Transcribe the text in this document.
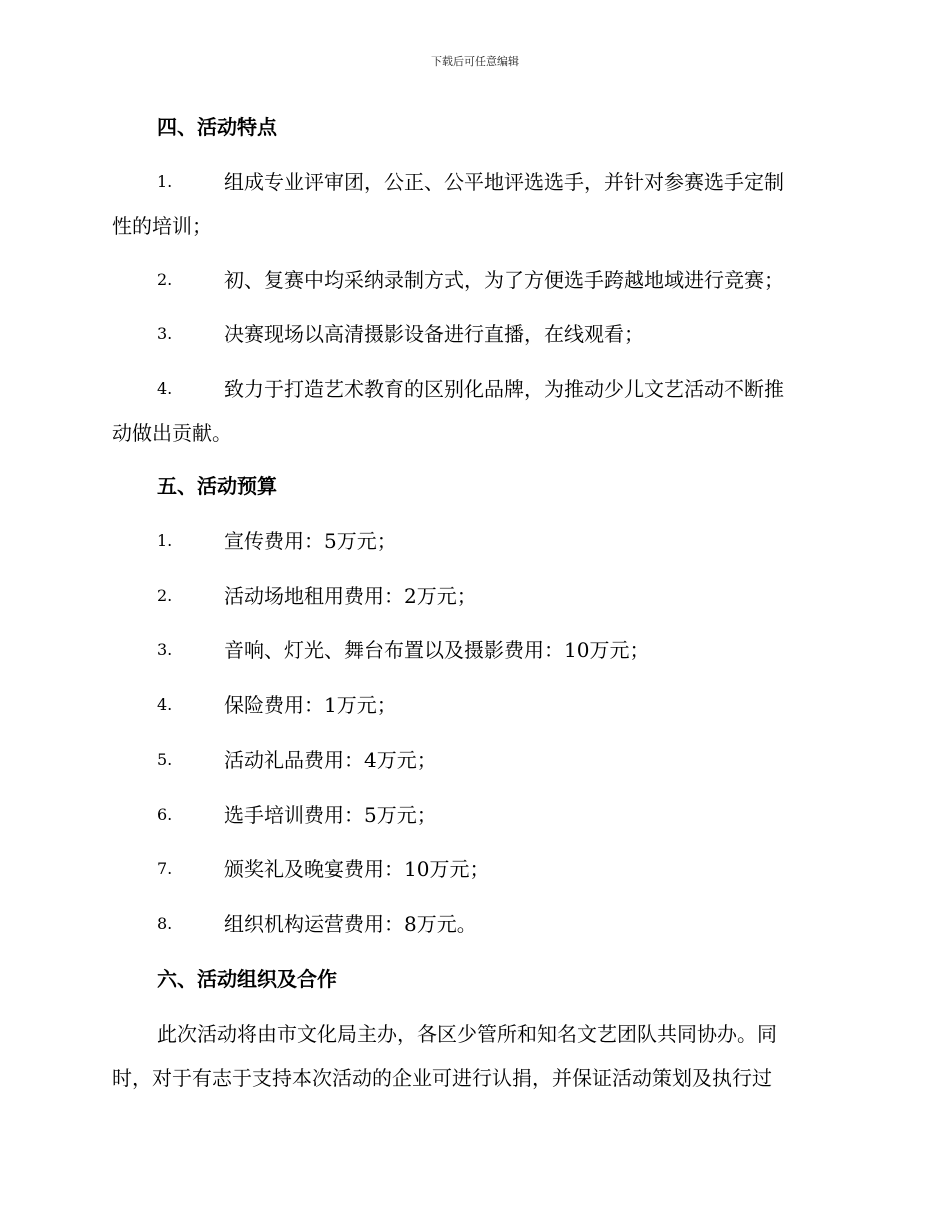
下载后可任意编辑
四、活动特点
1.	组成专业评审团，公正、公平地评选选手，并针对参赛选手定制
性的培训；
2.	初、复赛中均采纳录制方式，为了方便选手跨越地域进行竞赛；
3.	决赛现场以高清摄影设备进行直播，在线观看；
4.	致力于打造艺术教育的区别化品牌，为推动少儿文艺活动不断推
动做出贡献。
五、活动预算
1.	宣传费用：5万元；
2.	活动场地租用费用：2万元；
3.	音响、灯光、舞台布置以及摄影费用：10万元；
4.	保险费用：1万元；
5.	活动礼品费用：4万元；
6.	选手培训费用：5万元；
7.	颁奖礼及晚宴费用：10万元；
8.	组织机构运营费用：8万元。
六、活动组织及合作
此次活动将由市文化局主办，各区少管所和知名文艺团队共同协办。同
时，对于有志于支持本次活动的企业可进行认捐，并保证活动策划及执行过
